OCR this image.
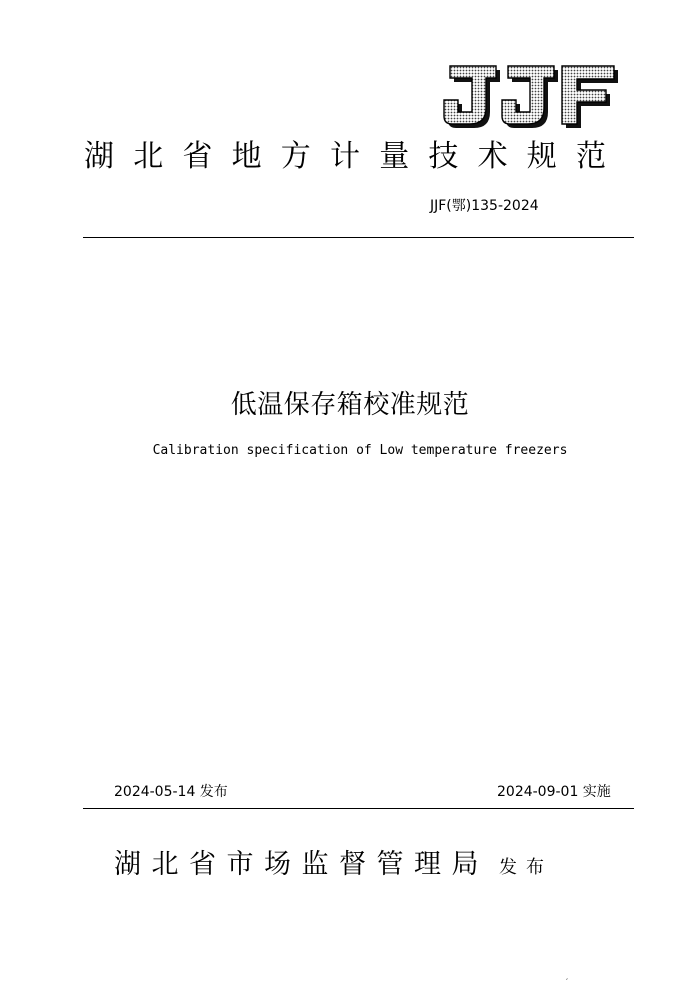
湖北省地方计量技术规范
JJF(鄂)135-2024
低温保存箱校准规范
Calibration specification of Low temperature freezers
2024-05-14 发布	2024-09-01 实施
湖北省市场监督管理局 发布
′
